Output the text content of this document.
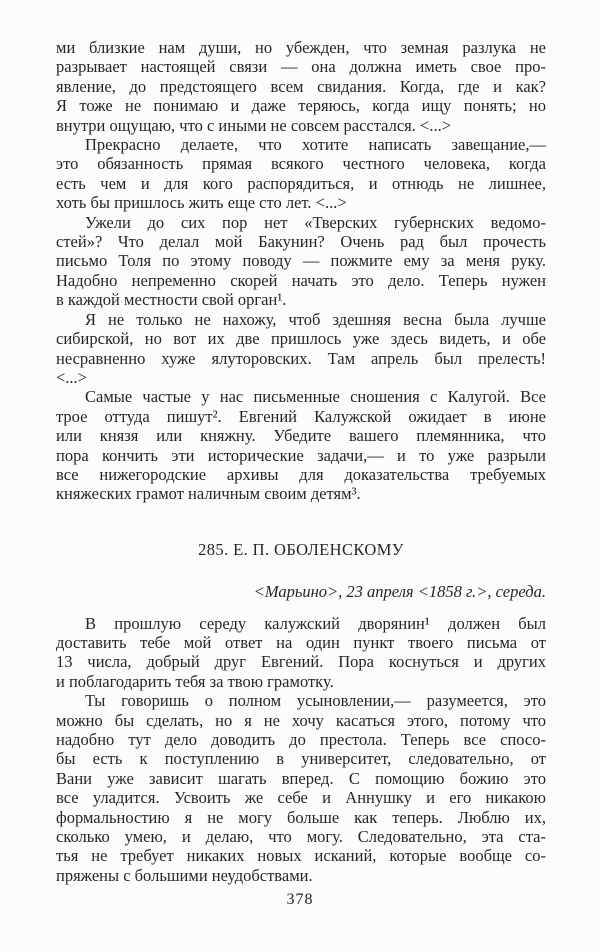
ми близкие нам души, но убежден, что земная разлука не
разрывает настоящей связи — она должна иметь свое про-
явление, до предстоящего всем свидания. Когда, где и как?
Я тоже не понимаю и даже теряюсь, когда ищу понять; но
внутри ощущаю, что с иными не совсем расстался. <...>
Прекрасно делаете, что хотите написать завещание,—
это обязанность прямая всякого честного человека, когда
есть чем и для кого распорядиться, и отнюдь не лишнее,
хоть бы пришлось жить еще сто лет. <...>
Ужели до сих пор нет «Тверских губернских ведомо-
стей»? Что делал мой Бакунин? Очень рад был прочесть
письмо Толя по этому поводу — пожмите ему за меня руку.
Надобно непременно скорей начать это дело. Теперь нужен
в каждой местности свой орган¹.
Я не только не нахожу, чтоб здешняя весна была лучше
сибирской, но вот их две пришлось уже здесь видеть, и обе
несравненно хуже ялуторовских. Там апрель был прелесть!
<...>
Самые частые у нас письменные сношения с Калугой. Все
трое оттуда пишут². Евгений Калужской ожидает в июне
или князя или княжну. Убедите вашего племянника, что
пора кончить эти исторические задачи,— и то уже разрыли
все нижегородские архивы для доказательства требуемых
княжеских грамот наличным своим детям³.
285. Е. П. ОБОЛЕНСКОМУ
<Марьино>, 23 апреля <1858 г.>, середа.
В прошлую середу калужский дворянин¹ должен был
доставить тебе мой ответ на один пункт твоего письма от
13 числа, добрый друг Евгений. Пора коснуться и других
и поблагодарить тебя за твою грамотку.
Ты говоришь о полном усыновлении,— разумеется, это
можно бы сделать, но я не хочу касаться этого, потому что
надобно тут дело доводить до престола. Теперь все спосо-
бы есть к поступлению в университет, следовательно, от
Вани уже зависит шагать вперед. С помощию божию это
все уладится. Усвоить же себе и Аннушку и его никакою
формальностию я не могу больше как теперь. Люблю их,
сколько умею, и делаю, что могу. Следовательно, эта ста-
тья не требует никаких новых исканий, которые вообще со-
пряжены с большими неудобствами.
378
